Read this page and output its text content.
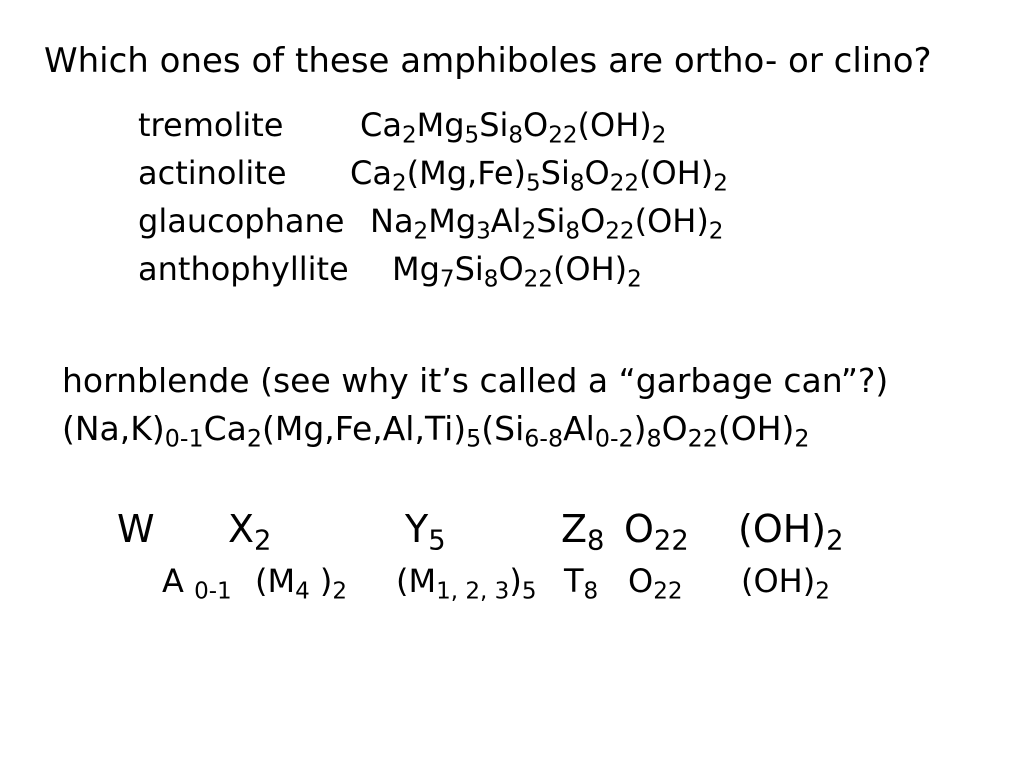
Which ones of these amphiboles are ortho- or clino?
tremolite $Ca_2Mg_5Si_8O_{22}(OH)_2$
actinolite $Ca_2(Mg,Fe)_5Si_8O_{22}(OH)_2$
glaucophane $Na_2Mg_3Al_2Si_8O_{22}(OH)_2$
anthophyllite $Mg_7Si_8O_{22}(OH)_2$
hornblende (see why it’s called a “garbage can”?)
$(Na,K)_{0-1}Ca_2(Mg,Fe,Al,Ti)_5(Si_{6-8}Al_{0-2})_8O_{22}(OH)_2$
W $X_2$	$Y_5$	$Z_8$ $O_{22}$ $(OH)_2$
A $_{0-1}$ ($M_4$ )$_2$ $(M_{1, 2, 3})_5$ $T_8$ $O_{22}$ $(OH)_2$
